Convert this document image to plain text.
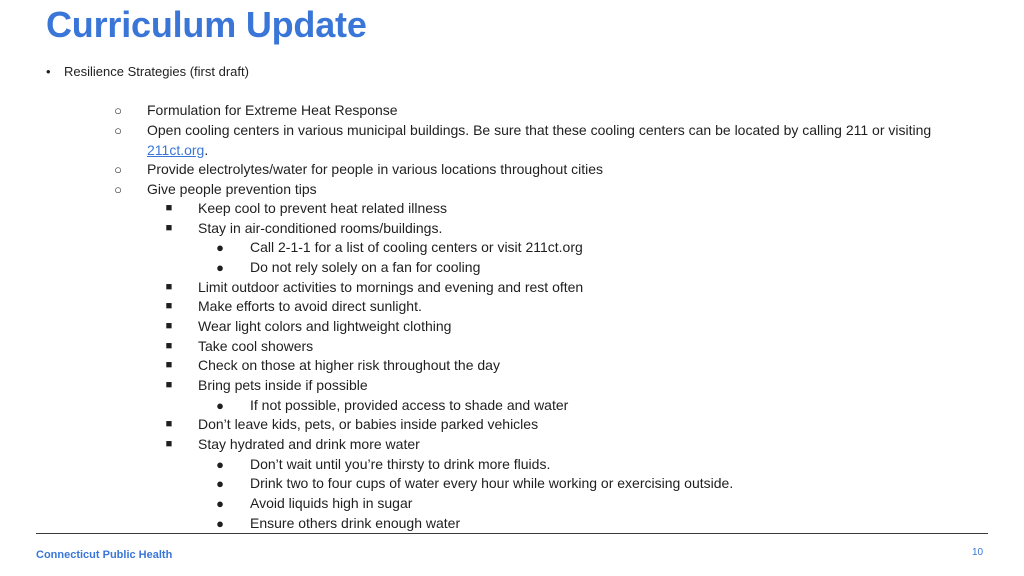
Curriculum Update
• Resilience Strategies (first draft)
○ Formulation for Extreme Heat Response
○ Open cooling centers in various municipal buildings. Be sure that these cooling centers can be located by calling 211 or visiting
211ct.org.
○ Provide electrolytes/water for people in various locations throughout cities
○ Give people prevention tips
■ Keep cool to prevent heat related illness
■ Stay in air-conditioned rooms/buildings.
● Call 2-1-1 for a list of cooling centers or visit 211ct.org
● Do not rely solely on a fan for cooling
■ Limit outdoor activities to mornings and evening and rest often
■ Make efforts to avoid direct sunlight.
■ Wear light colors and lightweight clothing
■ Take cool showers
■ Check on those at higher risk throughout the day
■ Bring pets inside if possible
● If not possible, provided access to shade and water
■ Don’t leave kids, pets, or babies inside parked vehicles
■ Stay hydrated and drink more water
● Don’t wait until you’re thirsty to drink more fluids.
● Drink two to four cups of water every hour while working or exercising outside.
● Avoid liquids high in sugar
● Ensure others drink enough water
Connecticut Public Health	10
